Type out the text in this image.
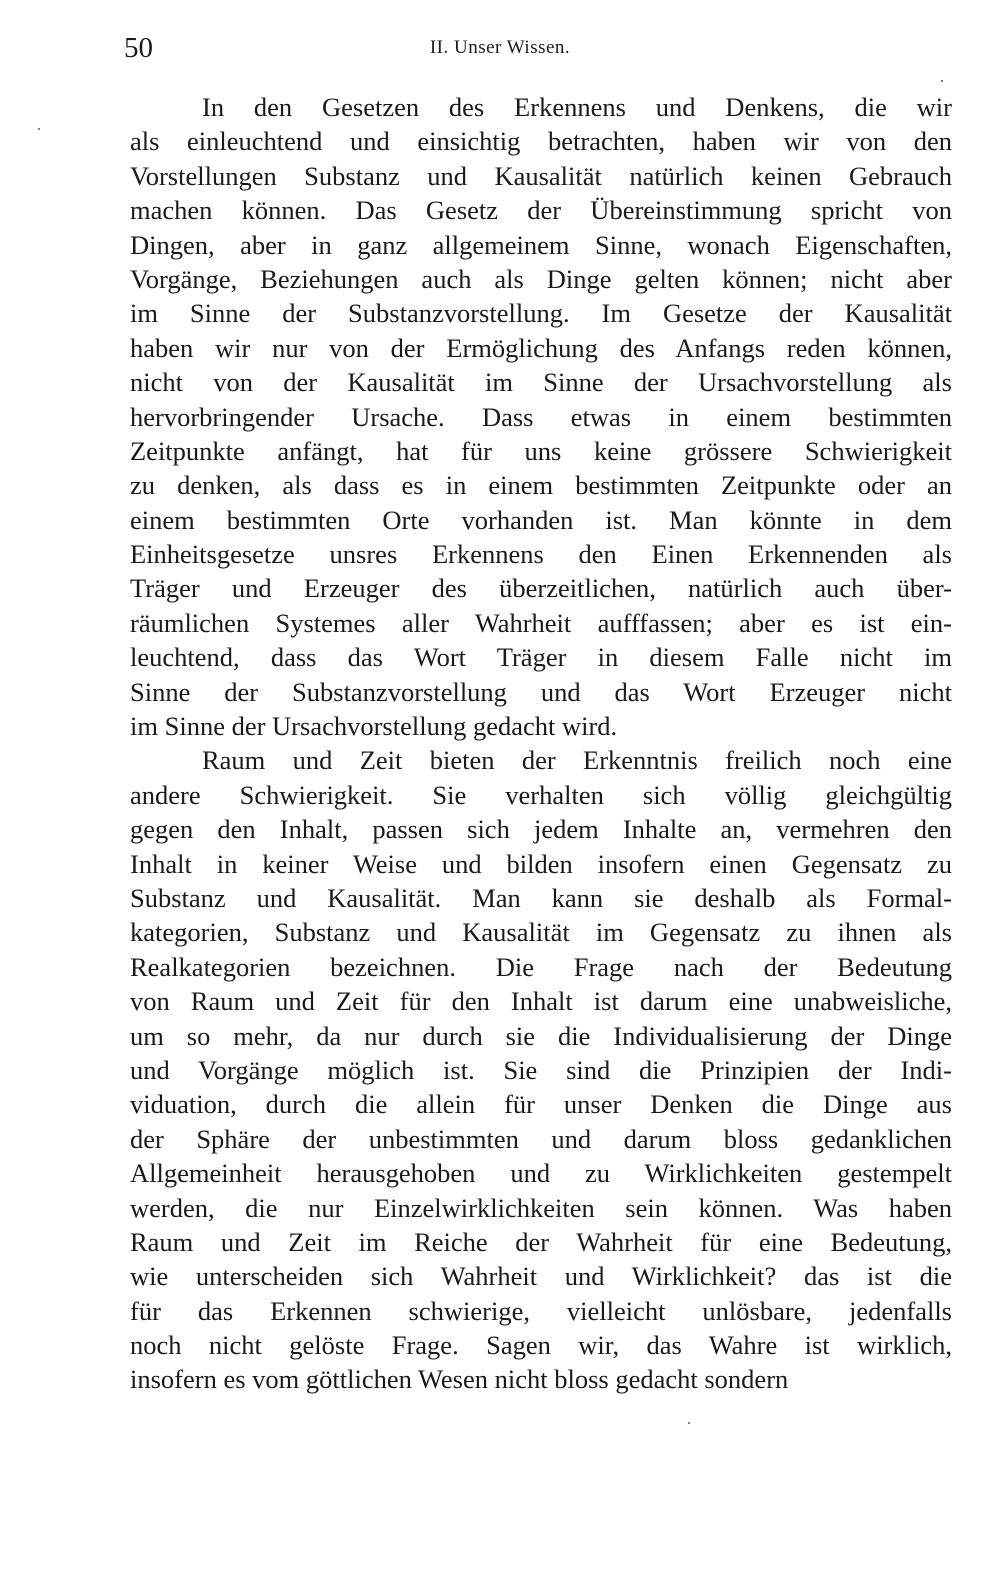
50	II. Unser Wissen.
In den Gesetzen des Erkennens und Denkens, die wir
als einleuchtend und einsichtig betrachten, haben wir von den
Vorstellungen Substanz und Kausalität natürlich keinen Gebrauch
machen können. Das Gesetz der Übereinstimmung spricht von
Dingen, aber in ganz allgemeinem Sinne, wonach Eigenschaften,
Vorgänge, Beziehungen auch als Dinge gelten können; nicht aber
im Sinne der Substanzvorstellung. Im Gesetze der Kausalität
haben wir nur von der Ermöglichung des Anfangs reden können,
nicht von der Kausalität im Sinne der Ursachvorstellung als
hervorbringender Ursache. Dass etwas in einem bestimmten
Zeitpunkte anfängt, hat für uns keine grössere Schwierigkeit
zu denken, als dass es in einem bestimmten Zeitpunkte oder an
einem bestimmten Orte vorhanden ist. Man könnte in dem
Einheitsgesetze unsres Erkennens den Einen Erkennenden als
Träger und Erzeuger des überzeitlichen, natürlich auch über-
räumlichen Systemes aller Wahrheit aufffassen; aber es ist ein-
leuchtend, dass das Wort Träger in diesem Falle nicht im
Sinne der Substanzvorstellung und das Wort Erzeuger nicht
im Sinne der Ursachvorstellung gedacht wird.
Raum und Zeit bieten der Erkenntnis freilich noch eine
andere Schwierigkeit. Sie verhalten sich völlig gleichgültig
gegen den Inhalt, passen sich jedem Inhalte an, vermehren den
Inhalt in keiner Weise und bilden insofern einen Gegensatz zu
Substanz und Kausalität. Man kann sie deshalb als Formal-
kategorien, Substanz und Kausalität im Gegensatz zu ihnen als
Realkategorien bezeichnen. Die Frage nach der Bedeutung
von Raum und Zeit für den Inhalt ist darum eine unabweisliche,
um so mehr, da nur durch sie die Individualisierung der Dinge
und Vorgänge möglich ist. Sie sind die Prinzipien der Indi-
viduation, durch die allein für unser Denken die Dinge aus
der Sphäre der unbestimmten und darum bloss gedanklichen
Allgemeinheit herausgehoben und zu Wirklichkeiten gestempelt
werden, die nur Einzelwirklichkeiten sein können. Was haben
Raum und Zeit im Reiche der Wahrheit für eine Bedeutung,
wie unterscheiden sich Wahrheit und Wirklichkeit? das ist die
für das Erkennen schwierige, vielleicht unlösbare, jedenfalls
noch nicht gelöste Frage. Sagen wir, das Wahre ist wirklich,
insofern es vom göttlichen Wesen nicht bloss gedacht sondern
